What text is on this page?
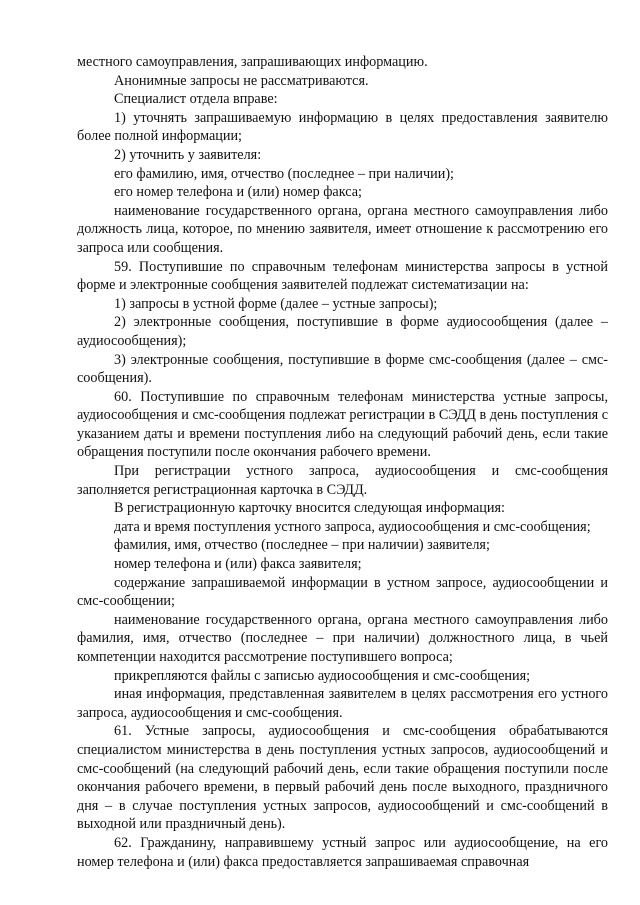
местного самоуправления, запрашивающих информацию.

Анонимные запросы не рассматриваются.

Специалист отдела вправе:

1) уточнять запрашиваемую информацию в целях предоставления заявителю более полной информации;

2) уточнить у заявителя:

его фамилию, имя, отчество (последнее – при наличии);

его номер телефона и (или) номер факса;

наименование государственного органа, органа местного самоуправления либо должность лица, которое, по мнению заявителя, имеет отношение к рассмотрению его запроса или сообщения.

59. Поступившие по справочным телефонам министерства запросы в устной форме и электронные сообщения заявителей подлежат систематизации на:

1) запросы в устной форме (далее – устные запросы);

2) электронные сообщения, поступившие в форме аудиосообщения (далее – аудиосообщения);

3) электронные сообщения, поступившие в форме смс-сообщения (далее – смс-сообщения).

60. Поступившие по справочным телефонам министерства устные запросы, аудиосообщения и смс-сообщения подлежат регистрации в СЭДД в день поступления с указанием даты и времени поступления либо на следующий рабочий день, если такие обращения поступили после окончания рабочего времени.

При регистрации устного запроса, аудиосообщения и смс-сообщения заполняется регистрационная карточка в СЭДД.

В регистрационную карточку вносится следующая информация:

дата и время поступления устного запроса, аудиосообщения и смс-сообщения;

фамилия, имя, отчество (последнее – при наличии) заявителя;

номер телефона и (или) факса заявителя;

содержание запрашиваемой информации в устном запросе, аудиосообщении и смс-сообщении;

наименование государственного органа, органа местного самоуправления либо фамилия, имя, отчество (последнее – при наличии) должностного лица, в чьей компетенции находится рассмотрение поступившего вопроса;

прикрепляются файлы с записью аудиосообщения и смс-сообщения;

иная информация, представленная заявителем в целях рассмотрения его устного запроса, аудиосообщения и смс-сообщения.

61. Устные запросы, аудиосообщения и смс-сообщения обрабатываются специалистом министерства в день поступления устных запросов, аудиосообщений и смс-сообщений (на следующий рабочий день, если такие обращения поступили после окончания рабочего времени, в первый рабочий день после выходного, праздничного дня – в случае поступления устных запросов, аудиосообщений и смс-сообщений в выходной или праздничный день).

62. Гражданину, направившему устный запрос или аудиосообщение, на его номер телефона и (или) факса предоставляется запрашиваемая справочная
